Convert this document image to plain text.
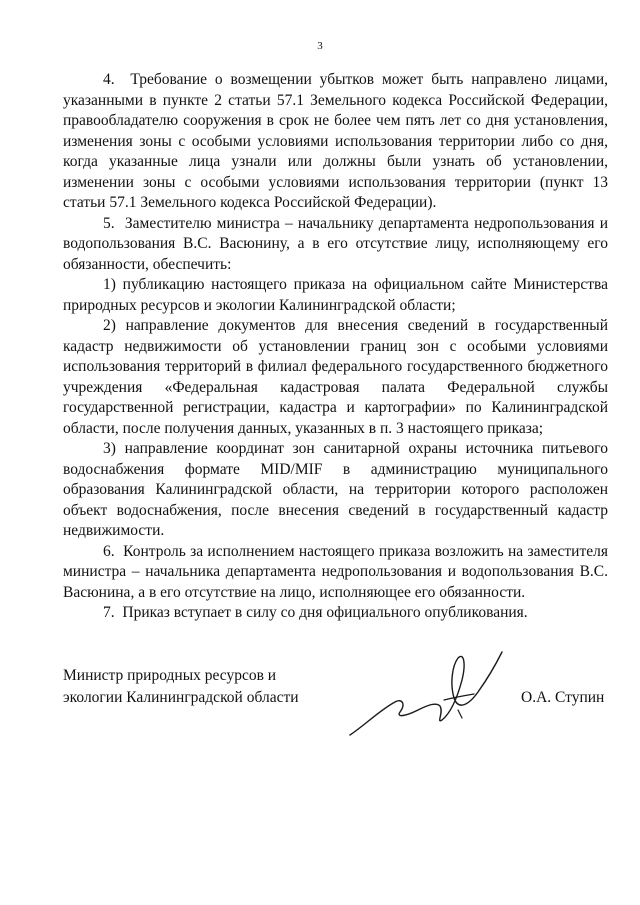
3

4.  Требование о возмещении убытков может быть направлено лицами, указанными в пункте 2 статьи 57.1 Земельного кодекса Российской Федерации, правообладателю сооружения в срок не более чем пять лет со дня установления, изменения зоны с особыми условиями использования территории либо со дня, когда указанные лица узнали или должны были узнать об установлении, изменении зоны с особыми условиями использования территории (пункт 13 статьи 57.1 Земельного кодекса Российской Федерации).

5.  Заместителю министра – начальнику департамента недропользования и водопользования В.С. Васюнину, а в его отсутствие лицу, исполняющему его обязанности, обеспечить:

1) публикацию настоящего приказа на официальном сайте Министерства природных ресурсов и экологии Калининградской области;

2) направление документов для внесения сведений в государственный кадастр недвижимости об установлении границ зон с особыми условиями использования территорий в филиал федерального государственного бюджетного учреждения «Федеральная кадастровая палата Федеральной службы государственной регистрации, кадастра и картографии» по Калининградской области, после получения данных, указанных в п. 3 настоящего приказа;

3) направление координат зон санитарной охраны источника питьевого водоснабжения формате MID/MIF в администрацию муниципального образования Калининградской области, на территории которого расположен объект водоснабжения, после внесения сведений в государственный кадастр недвижимости.

6.  Контроль за исполнением настоящего приказа возложить на заместителя министра – начальника департамента недропользования и водопользования В.С. Васюнина, а в его отсутствие на лицо, исполняющее его обязанности.

7.  Приказ вступает в силу со дня официального опубликования.

Министр природных ресурсов и
экологии Калининградской области	О.А. Ступин
